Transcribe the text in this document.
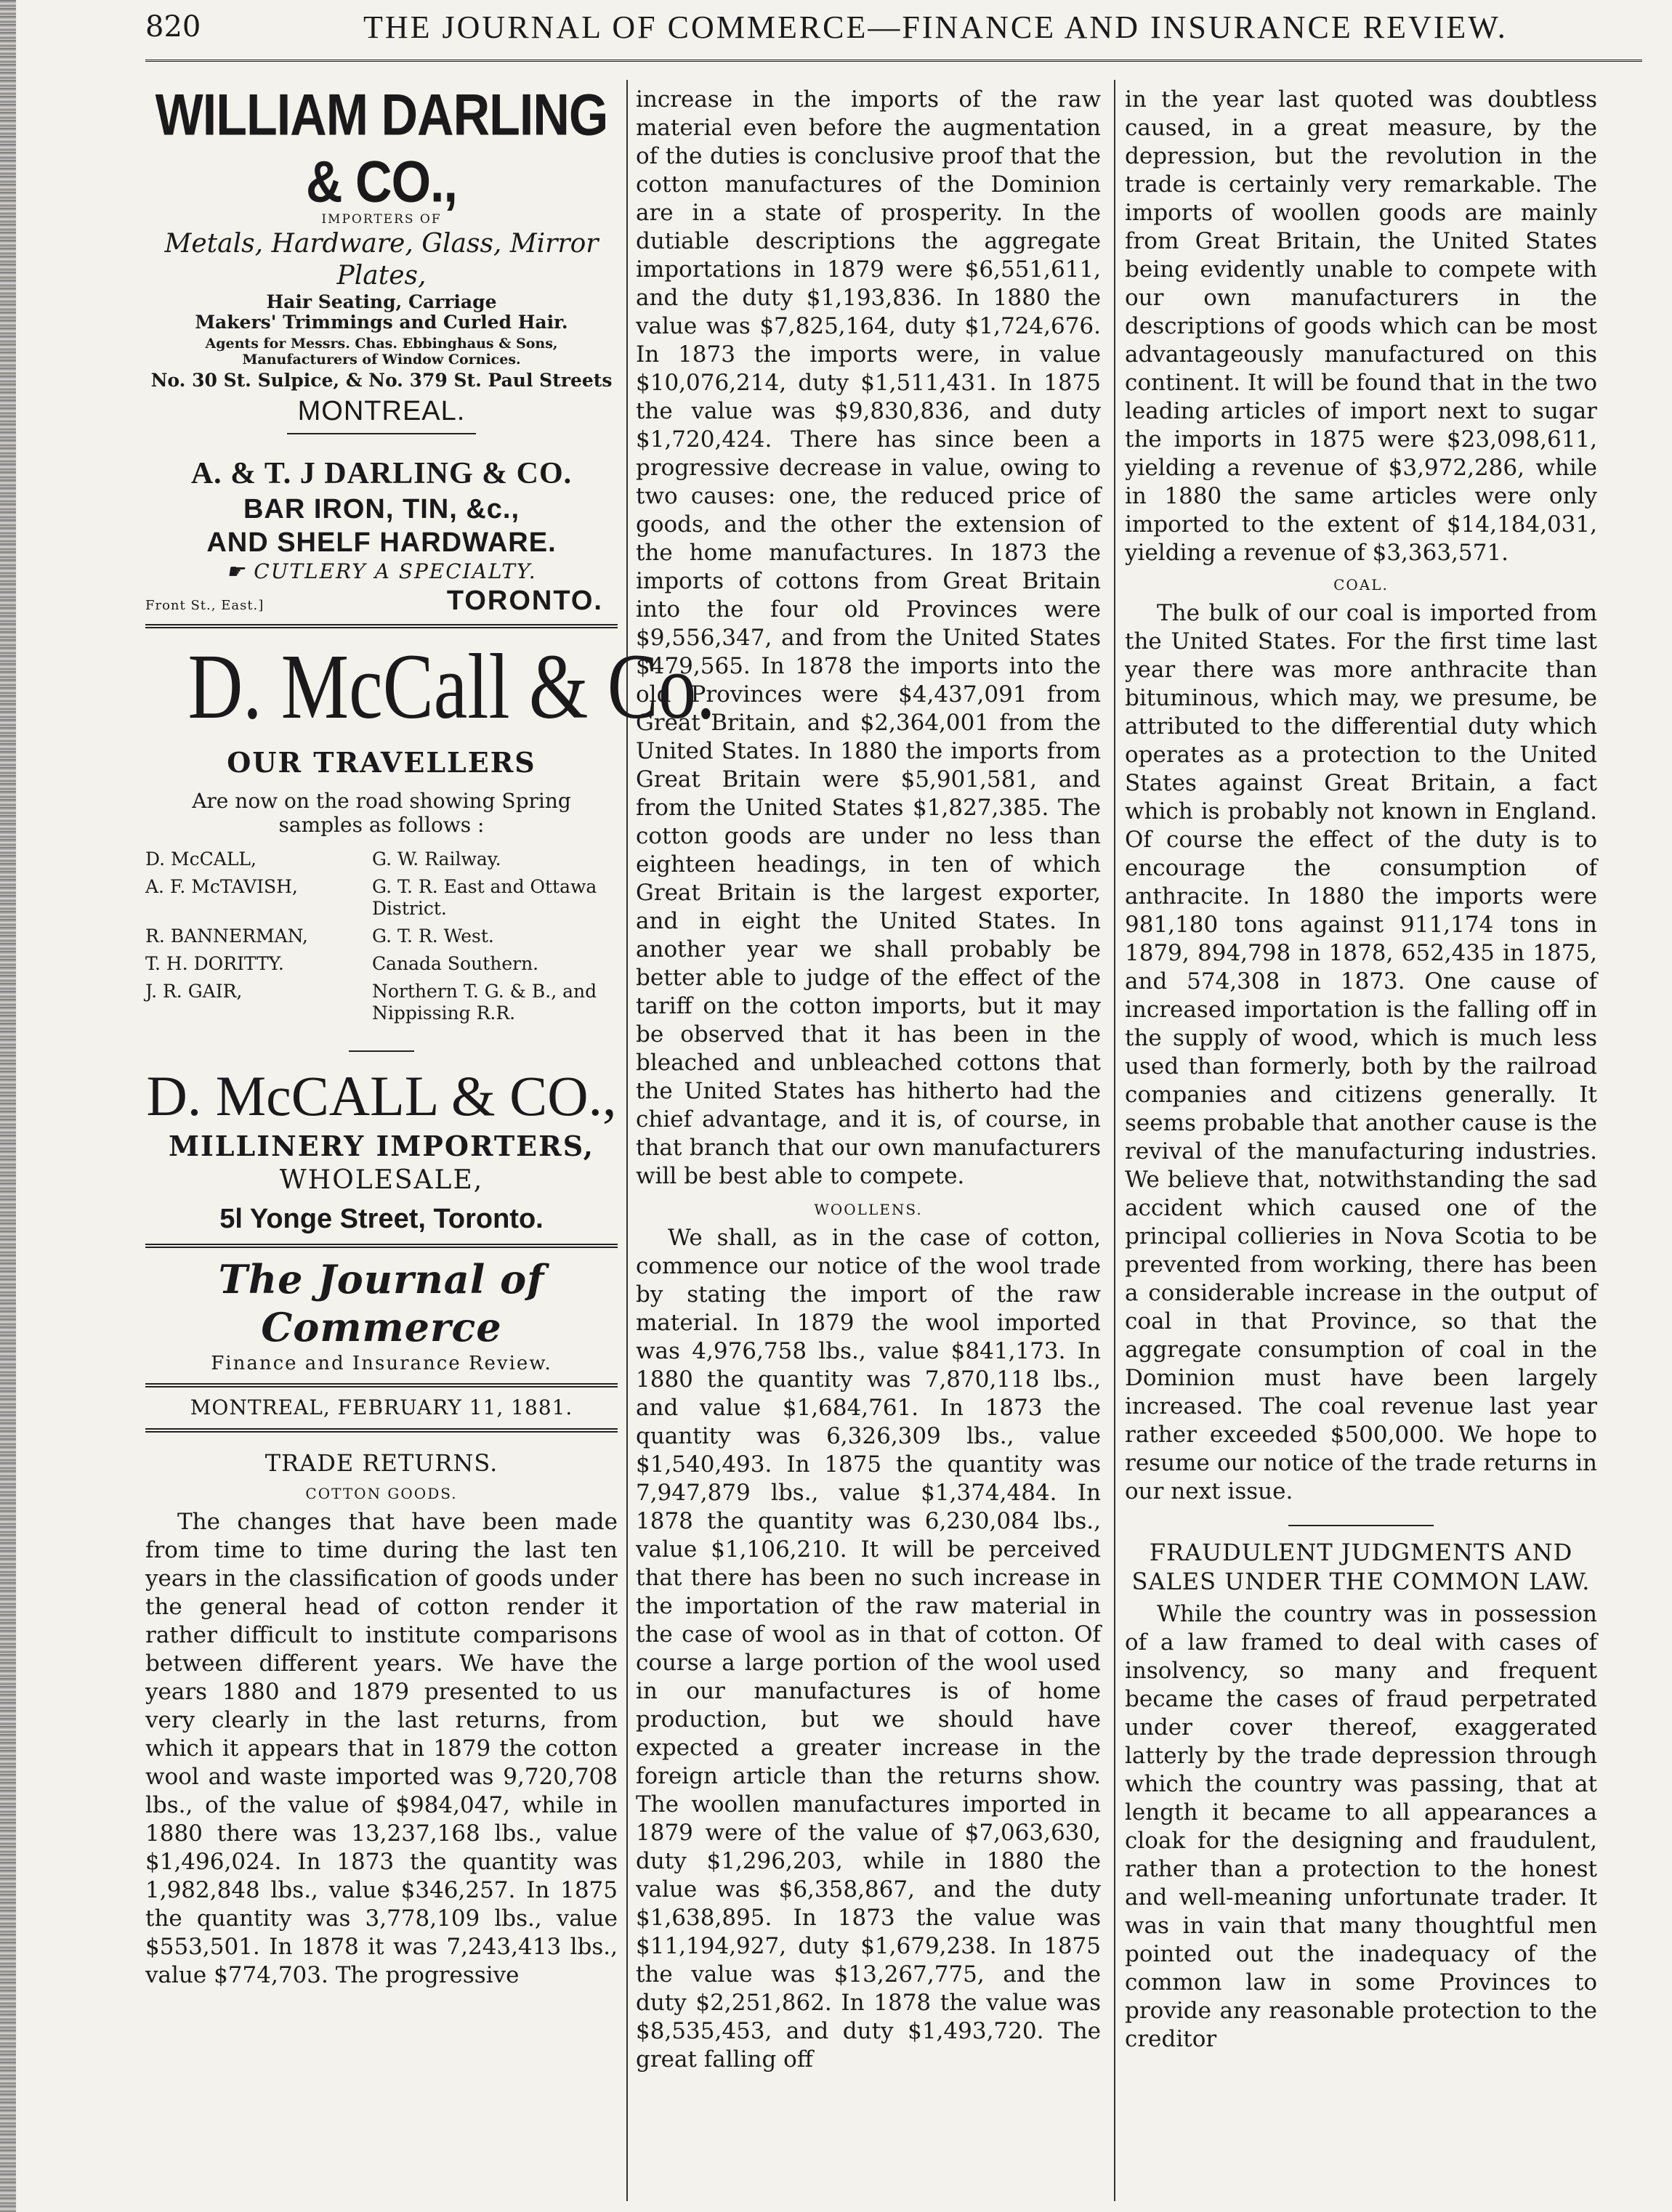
820	THE JOURNAL OF COMMERCE—FINANCE AND INSURANCE REVIEW.
WILLIAM DARLING & CO.,
IMPORTERS OF
Metals, Hardware, Glass, Mirror Plates,
Hair Seating, Carriage
Makers' Trimmings and Curled Hair.
Agents for Messrs. Chas. Ebbinghaus & Sons, Manufacturers of Window Cornices.
No. 30 St. Sulpice, & No. 379 St. Paul Streets
MONTREAL.
A. & T. J DARLING & CO.
BAR IRON, TIN, &c.,
AND SHELF HARDWARE.
☛ CUTLERY A SPECIALTY.
Front St., East.]	TORONTO.
D. McCall & Co.
OUR TRAVELLERS
Are now on the road showing Spring samples as follows :
D. McCALL,	G. W. Railway.
A. F. McTAVISH,	G. T. R. East and Ottawa District.
R. BANNERMAN,	G. T. R. West.
T. H. DORITTY.	Canada Southern.
J. R. GAIR,	Northern T. G. & B., and Nippissing R.R.
D. McCALL & CO.,
MILLINERY IMPORTERS,
WHOLESALE,
5l Yonge Street, Toronto.
The Journal of Commerce
Finance and Insurance Review.
MONTREAL, FEBRUARY 11, 1881.
TRADE RETURNS.
COTTON GOODS.

The changes that have been made from time to time during the last ten years in the classification of goods under the general head of cotton render it rather difficult to institute comparisons between different years. We have the years 1880 and 1879 presented to us very clearly in the last returns, from which it appears that in 1879 the cotton wool and waste imported was 9,720,708 lbs., of the value of $984,047, while in 1880 there was 13,237,168 lbs., value $1,496,024. In 1873 the quantity was 1,982,848 lbs., value $346,257. In 1875 the quantity was 3,778,109 lbs., value $553,501. In 1878 it was 7,243,413 lbs., value $774,703. The progressive

increase in the imports of the raw material even before the augmentation of the duties is conclusive proof that the cotton manufactures of the Dominion are in a state of prosperity. In the dutiable descriptions the aggregate importations in 1879 were $6,551,611, and the duty $1,193,836. In 1880 the value was $7,825,164, duty $1,724,676. In 1873 the imports were, in value $10,076,214, duty $1,511,431. In 1875 the value was $9,830,836, and duty $1,720,424. There has since been a progressive decrease in value, owing to two causes: one, the reduced price of goods, and the other the extension of the home manufactures. In 1873 the imports of cottons from Great Britain into the four old Provinces were $9,556,347, and from the United States $479,565. In 1878 the imports into the old Provinces were $4,437,091 from Great Britain, and $2,364,001 from the United States. In 1880 the imports from Great Britain were $5,901,581, and from the United States $1,827,385. The cotton goods are under no less than eighteen headings, in ten of which Great Britain is the largest exporter, and in eight the United States. In another year we shall probably be better able to judge of the effect of the tariff on the cotton imports, but it may be observed that it has been in the bleached and unbleached cottons that the United States has hitherto had the chief advantage, and it is, of course, in that branch that our own manufacturers will be best able to compete.

WOOLLENS.

We shall, as in the case of cotton, commence our notice of the wool trade by stating the import of the raw material. In 1879 the wool imported was 4,976,758 lbs., value $841,173. In 1880 the quantity was 7,870,118 lbs., and value $1,684,761. In 1873 the quantity was 6,326,309 lbs., value $1,540,493. In 1875 the quantity was 7,947,879 lbs., value $1,374,484. In 1878 the quantity was 6,230,084 lbs., value $1,106,210. It will be perceived that there has been no such increase in the importation of the raw material in the case of wool as in that of cotton. Of course a large portion of the wool used in our manufactures is of home production, but we should have expected a greater increase in the foreign article than the returns show. The woollen manufactures imported in 1879 were of the value of $7,063,630, duty $1,296,203, while in 1880 the value was $6,358,867, and the duty $1,638,895. In 1873 the value was $11,194,927, duty $1,679,238. In 1875 the value was $13,267,775, and the duty $2,251,862. In 1878 the value was $8,535,453, and duty $1,493,720. The great falling off

in the year last quoted was doubtless caused, in a great measure, by the depression, but the revolution in the trade is certainly very remarkable. The imports of woollen goods are mainly from Great Britain, the United States being evidently unable to compete with our own manufacturers in the descriptions of goods which can be most advantageously manufactured on this continent. It will be found that in the two leading articles of import next to sugar the imports in 1875 were $23,098,611, yielding a revenue of $3,972,286, while in 1880 the same articles were only imported to the extent of $14,184,031, yielding a revenue of $3,363,571.

COAL.

The bulk of our coal is imported from the United States. For the first time last year there was more anthracite than bituminous, which may, we presume, be attributed to the differential duty which operates as a protection to the United States against Great Britain, a fact which is probably not known in England. Of course the effect of the duty is to encourage the consumption of anthracite. In 1880 the imports were 981,180 tons against 911,174 tons in 1879, 894,798 in 1878, 652,435 in 1875, and 574,308 in 1873. One cause of increased importation is the falling off in the supply of wood, which is much less used than formerly, both by the railroad companies and citizens generally. It seems probable that another cause is the revival of the manufacturing industries. We believe that, notwithstanding the sad accident which caused one of the principal collieries in Nova Scotia to be prevented from working, there has been a considerable increase in the output of coal in that Province, so that the aggregate consumption of coal in the Dominion must have been largely increased. The coal revenue last year rather exceeded $500,000. We hope to resume our notice of the trade returns in our next issue.

FRAUDULENT JUDGMENTS AND SALES UNDER THE COMMON LAW.

While the country was in possession of a law framed to deal with cases of insolvency, so many and frequent became the cases of fraud perpetrated under cover thereof, exaggerated latterly by the trade depression through which the country was passing, that at length it became to all appearances a cloak for the designing and fraudulent, rather than a protection to the honest and well-meaning unfortunate trader. It was in vain that many thoughtful men pointed out the inadequacy of the common law in some Provinces to provide any reasonable protection to the creditor
